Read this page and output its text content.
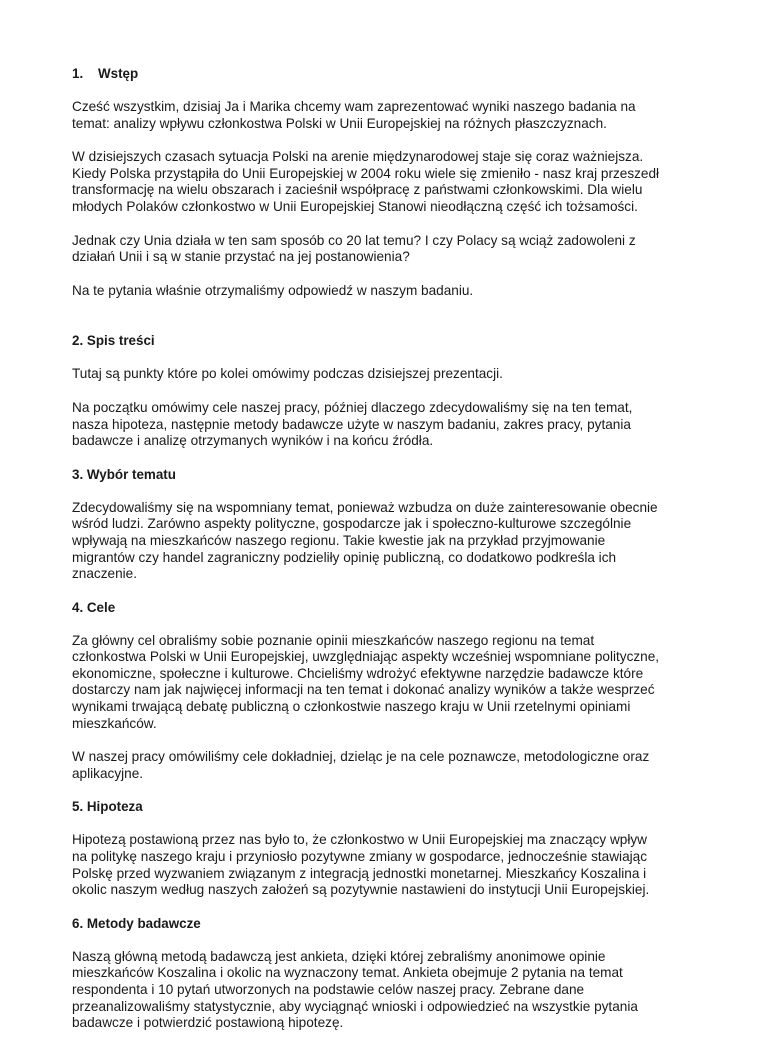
1. Wstęp
Cześć wszystkim, dzisiaj Ja i Marika chcemy wam zaprezentować wyniki naszego badania na
temat: analizy wpływu członkostwa Polski w Unii Europejskiej na różnych płaszczyznach.
W dzisiejszych czasach sytuacja Polski na arenie międzynarodowej staje się coraz ważniejsza.
Kiedy Polska przystąpiła do Unii Europejskiej w 2004 roku wiele się zmieniło - nasz kraj przeszedł
transformację na wielu obszarach i zacieśnił współpracę z państwami członkowskimi. Dla wielu
młodych Polaków członkostwo w Unii Europejskiej Stanowi nieodłączną część ich tożsamości.
Jednak czy Unia działa w ten sam sposób co 20 lat temu? I czy Polacy są wciąż zadowoleni z
działań Unii i są w stanie przystać na jej postanowienia?
Na te pytania właśnie otrzymaliśmy odpowiedź w naszym badaniu.
2. Spis treści
Tutaj są punkty które po kolei omówimy podczas dzisiejszej prezentacji.
Na początku omówimy cele naszej pracy, później dlaczego zdecydowaliśmy się na ten temat,
nasza hipoteza, następnie metody badawcze użyte w naszym badaniu, zakres pracy, pytania
badawcze i analizę otrzymanych wyników i na końcu źródła.
3. Wybór tematu
Zdecydowaliśmy się na wspomniany temat, ponieważ wzbudza on duże zainteresowanie obecnie
wśród ludzi. Zarówno aspekty polityczne, gospodarcze jak i społeczno-kulturowe szczególnie
wpływają na mieszkańców naszego regionu. Takie kwestie jak na przykład przyjmowanie
migrantów czy handel zagraniczny podzieliły opinię publiczną, co dodatkowo podkreśla ich
znaczenie.
4. Cele
Za główny cel obraliśmy sobie poznanie opinii mieszkańców naszego regionu na temat
członkostwa Polski w Unii Europejskiej, uwzględniając aspekty wcześniej wspomniane polityczne,
ekonomiczne, społeczne i kulturowe. Chcieliśmy wdrożyć efektywne narzędzie badawcze które
dostarczy nam jak najwięcej informacji na ten temat i dokonać analizy wyników a także wesprzeć
wynikami trwającą debatę publiczną o członkostwie naszego kraju w Unii rzetelnymi opiniami
mieszkańców.
W naszej pracy omówiliśmy cele dokładniej, dzieląc je na cele poznawcze, metodologiczne oraz
aplikacyjne.
5. Hipoteza
Hipotezą postawioną przez nas było to, że członkostwo w Unii Europejskiej ma znaczący wpływ
na politykę naszego kraju i przyniosło pozytywne zmiany w gospodarce, jednocześnie stawiając
Polskę przed wyzwaniem związanym z integracją jednostki monetarnej. Mieszkańcy Koszalina i
okolic naszym według naszych założeń są pozytywnie nastawieni do instytucji Unii Europejskiej.
6. Metody badawcze
Naszą główną metodą badawczą jest ankieta, dzięki której zebraliśmy anonimowe opinie
mieszkańców Koszalina i okolic na wyznaczony temat. Ankieta obejmuje 2 pytania na temat
respondenta i 10 pytań utworzonych na podstawie celów naszej pracy. Zebrane dane
przeanalizowaliśmy statystycznie, aby wyciągnąć wnioski i odpowiedzieć na wszystkie pytania
badawcze i potwierdzić postawioną hipotezę.
